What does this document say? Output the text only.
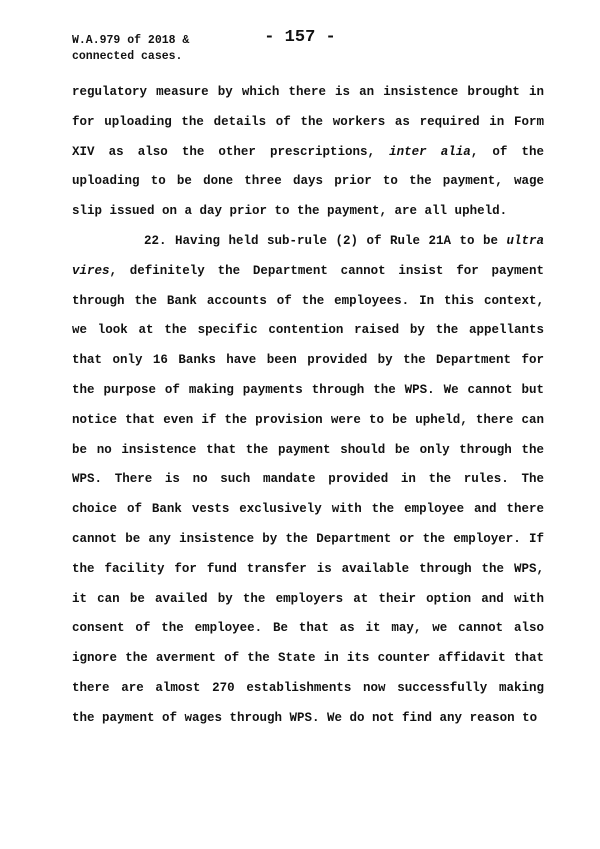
W.A.979 of 2018 &
connected cases.
- 157 -

regulatory measure by which there is an insistence brought in for uploading the details of the workers as required in Form XIV as also the other prescriptions, inter alia, of the uploading to be done three days prior to the payment, wage slip issued on a day prior to the payment, are all upheld.

22. Having held sub-rule (2) of Rule 21A to be ultra vires, definitely the Department cannot insist for payment through the Bank accounts of the employees. In this context, we look at the specific contention raised by the appellants that only 16 Banks have been provided by the Department for the purpose of making payments through the WPS. We cannot but notice that even if the provision were to be upheld, there can be no insistence that the payment should be only through the WPS. There is no such mandate provided in the rules. The choice of Bank vests exclusively with the employee and there cannot be any insistence by the Department or the employer. If the facility for fund transfer is available through the WPS, it can be availed by the employers at their option and with consent of the employee. Be that as it may, we cannot also ignore the averment of the State in its counter affidavit that there are almost 270 establishments now successfully making the payment of wages through WPS. We do not find any reason to
